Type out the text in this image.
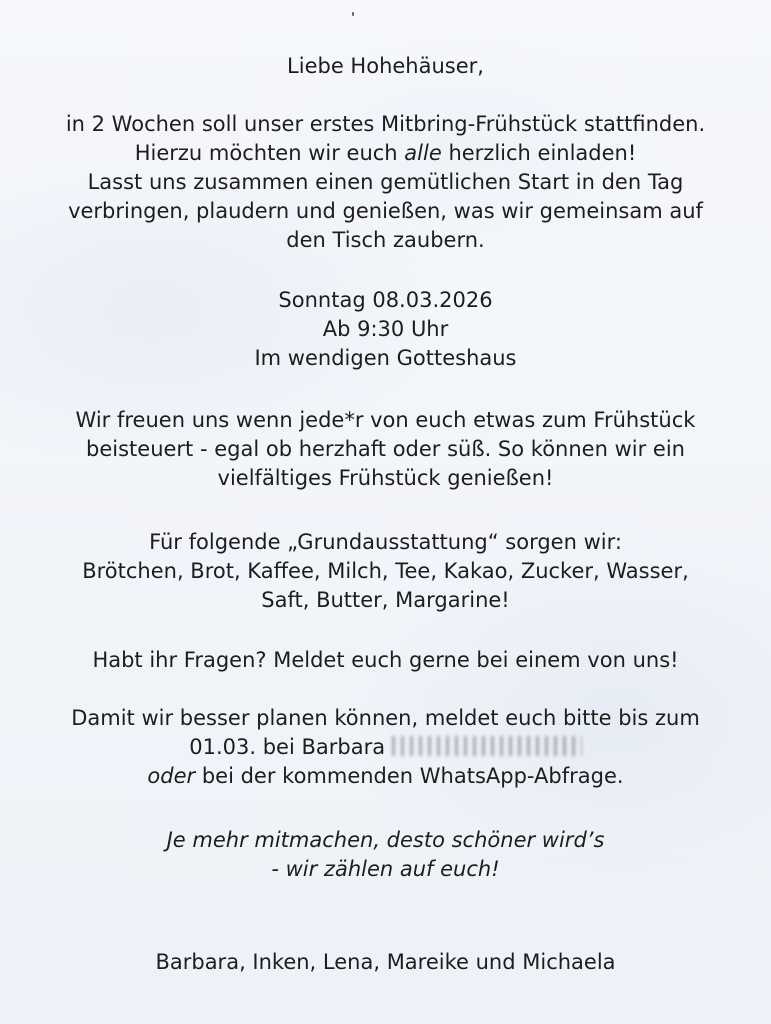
Liebe Hohehäuser,

in 2 Wochen soll unser erstes Mitbring-Frühstück stattfinden.
Hierzu möchten wir euch alle herzlich einladen!
Lasst uns zusammen einen gemütlichen Start in den Tag
verbringen, plaudern und genießen, was wir gemeinsam auf
den Tisch zaubern.

Sonntag 08.03.2026
Ab 9:30 Uhr
Im wendigen Gotteshaus

Wir freuen uns wenn jede*r von euch etwas zum Frühstück
beisteuert - egal ob herzhaft oder süß. So können wir ein
vielfältiges Frühstück genießen!

Für folgende „Grundausstattung“ sorgen wir:
Brötchen, Brot, Kaffee, Milch, Tee, Kakao, Zucker, Wasser,
Saft, Butter, Margarine!

Habt ihr Fragen? Meldet euch gerne bei einem von uns!

Damit wir besser planen können, meldet euch bitte bis zum
01.03. bei Barbara
oder bei der kommenden WhatsApp-Abfrage.

Je mehr mitmachen, desto schöner wird’s
- wir zählen auf euch!

Barbara, Inken, Lena, Mareike und Michaela
